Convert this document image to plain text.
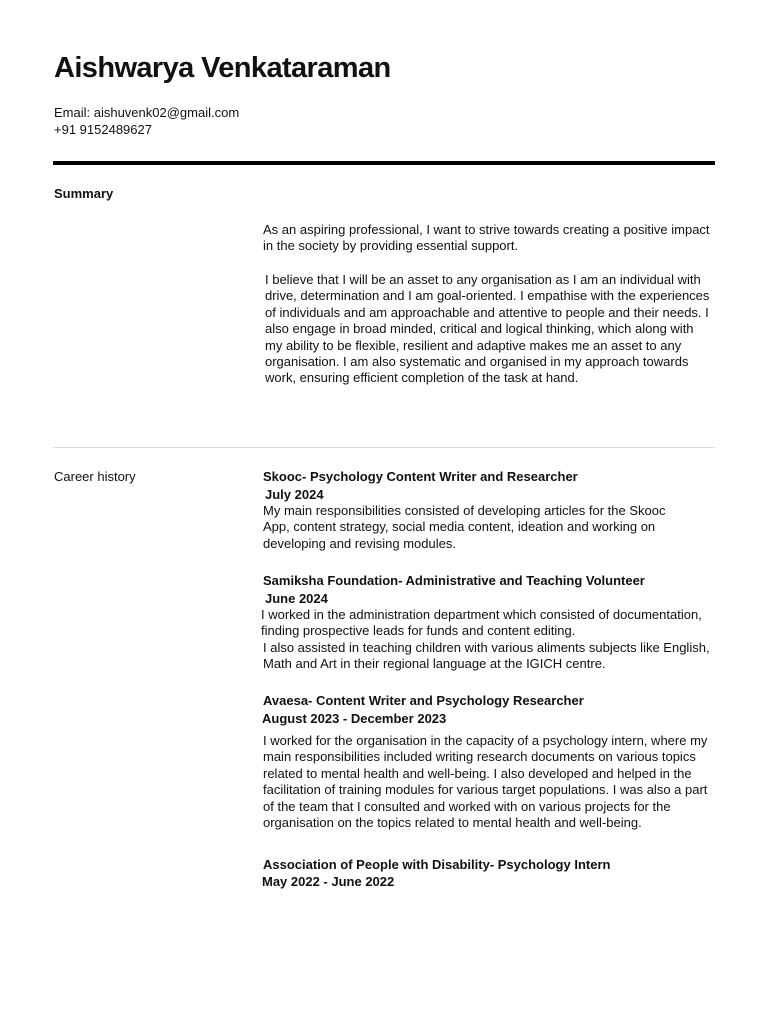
Aishwarya Venkataraman
Email: aishuvenk02@gmail.com
+91 9152489627
Summary

As an aspiring professional, I want to strive towards creating a positive impact in the society by providing essential support.

I believe that I will be an asset to any organisation as I am an individual with drive, determination and I am goal-oriented. I empathise with the experiences of individuals and am approachable and attentive to people and their needs. I also engage in broad minded, critical and logical thinking, which along with my ability to be flexible, resilient and adaptive makes me an asset to any organisation. I am also systematic and organised in my approach towards work, ensuring efficient completion of the task at hand.

Career history	Skooc- Psychology Content Writer and Researcher
July 2024

My main responsibilities consisted of developing articles for the Skooc App, content strategy, social media content, ideation and working on developing and revising modules.

Samiksha Foundation- Administrative and Teaching Volunteer
June 2024

I worked in the administration department which consisted of documentation, finding prospective leads for funds and content editing.

I also assisted in teaching children with various aliments subjects like English, Math and Art in their regional language at the IGICH centre.

Avaesa- Content Writer and Psychology Researcher
August 2023 - December 2023

I worked for the organisation in the capacity of a psychology intern, where my main responsibilities included writing research documents on various topics related to mental health and well-being. I also developed and helped in the facilitation of training modules for various target populations. I was also a part of the team that I consulted and worked with on various projects for the organisation on the topics related to mental health and well-being.

Association of People with Disability- Psychology Intern
May 2022 - June 2022
